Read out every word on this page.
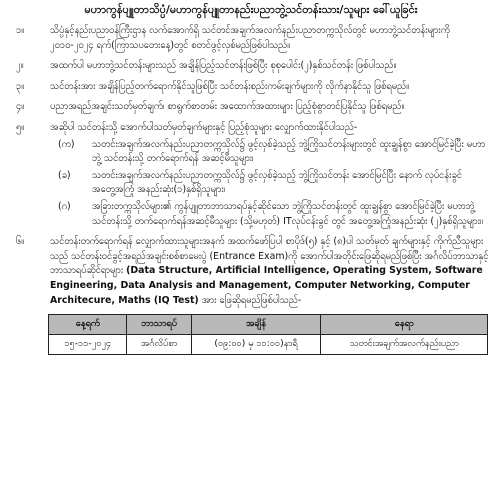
မဟာကွန်ပျူတာသိပ္ပံ/မဟာကွန်ပျူတာနည်းပညာဘွဲ့သင်တန်းသား/သူများ ခေါ်ယူခြင်း
၁။	သိပ္ပံနှင့်နည်းပညာဝန်ကြီးဌာန လက်အောက်ရှိ သင်တင်အချက်အလက်နည်းပညာတက္ကသိုလ်တွင် မဟာဘွဲ့သင်တန်းများကို ၂၀၁၀-၂၀၂၄ ရက်(ကြာသပတေးနေ့)တွင် စတင်ဖွင့်လှစ်မည်ဖြစ်ပါသည်။
၂။	အထက်ပါ မဟာဘွဲ့သင်တန်းများသည် အချိန်ပြည့်သင်တန်းဖြစ်ပြီး စုစုပေါင်း(၂)နှစ်သင်တန်း ဖြစ်ပါသည်။
၃။	သင်တန်းအား အချိန်ပြည့်တက်ရောက်နိုင်သူဖြစ်ပြီး သင်တန်းစည်းကမ်းချက်များကို လိုက်နာနိုင်သူ ဖြစ်ရမည်။
၄။	ပညာအရည်အချင်းသတ်မှတ်ချက်၊ စာရွက်စာတမ်း အထောက်အထားများ ပြည့်စုံစွာတင်ပြနိုင်သူ ဖြစ်ရမည်။
၅။	အဆိုပါ သင်တန်းသို့ အောက်ပါသတ်မှတ်ချက်များနှင့် ပြည့်စုံသူများ လျှောက်ထားနိုင်ပါသည်-
(က)	သတင်းအချက်အလက်နည်းပညာတက္ကသိုလ်၌ ဖွင့်လှစ်ခဲ့သည့် ဘွဲ့ကြိုသင်တန်းများတွင် ထူးချွန်စွာ အောင်မြင်ခဲ့ပြီး မဟာဘွဲ့ သင်တန်းသို့ တက်ရောက်ရန် အဆင့်မီသူများ၊
(ခ)	သတင်းအချက်အလက်နည်းပညာတက္ကသိုလ်၌ ဖွင့်လှစ်ခဲ့သည့် ဘွဲ့ကြိုသင်တန်း အောင်မြင်ပြီး နောက် လုပ်ငန်းခွင်အတွေ့အကြုံ အနည်းဆုံး(၁)နှစ်ရှိသူများ၊
(ဂ)	အခြားတက္ကသိုလ်များ၏ ကွန်ပျူတာဘာသာရပ်နှင့်ဆိုင်သော ဘွဲ့ကြိုသင်တန်းတွင် ထူးချွန်စွာ အောင်မြင်ခဲ့ပြီး မဟာဘွဲ့သင်တန်းသို့ တက်ရောက်ရန်အဆင့်မီသူများ (သို့မဟုတ်) ITလုပ်ငန်းခွင် တွင် အတွေ့အကြုံအနည်းဆုံး (၂)နှစ်ရှိသူများ။
၆။	သင်တန်းတက်ရောက်ရန် လျှောက်ထားသူများအနက် အထက်ဖော်ပြပါ စာပိုဒ်(၅) နှင့် (၈)ပါ သတ်မှတ် ချက်များနှင့် ကိုက်ညီသူများသည် သင်တန်းဝင်ခွင့်အရည်အချင်းစစ်စာမေးပွဲ (Entrance Exam)ကို အောက်ပါအတိုင်းဖြေဆိုရမည်ဖြစ်ပြီး အင်္ဂလိပ်ဘာသာနှင့် ဘာသာရပ်ဆိုင်ရာများ (Data Structure, Artificial Intelligence, Operating System, Software Engineering, Data Analysis and Management, Computer Networking, Computer Architecure, Maths (IQ Test) အား ဖြေဆိုရမည်ဖြစ်ပါသည်-
နေ့ရက်	ဘာသာရပ်	အချိန်	နေရာ
၁၅-၁၁-၂၀၂၄	အင်္ဂလိပ်စာ	(၀၉:၀၀) မှ ၁၁:၀၀)နာရီ	သတင်းအချက်အလက်နည်းပညာ
